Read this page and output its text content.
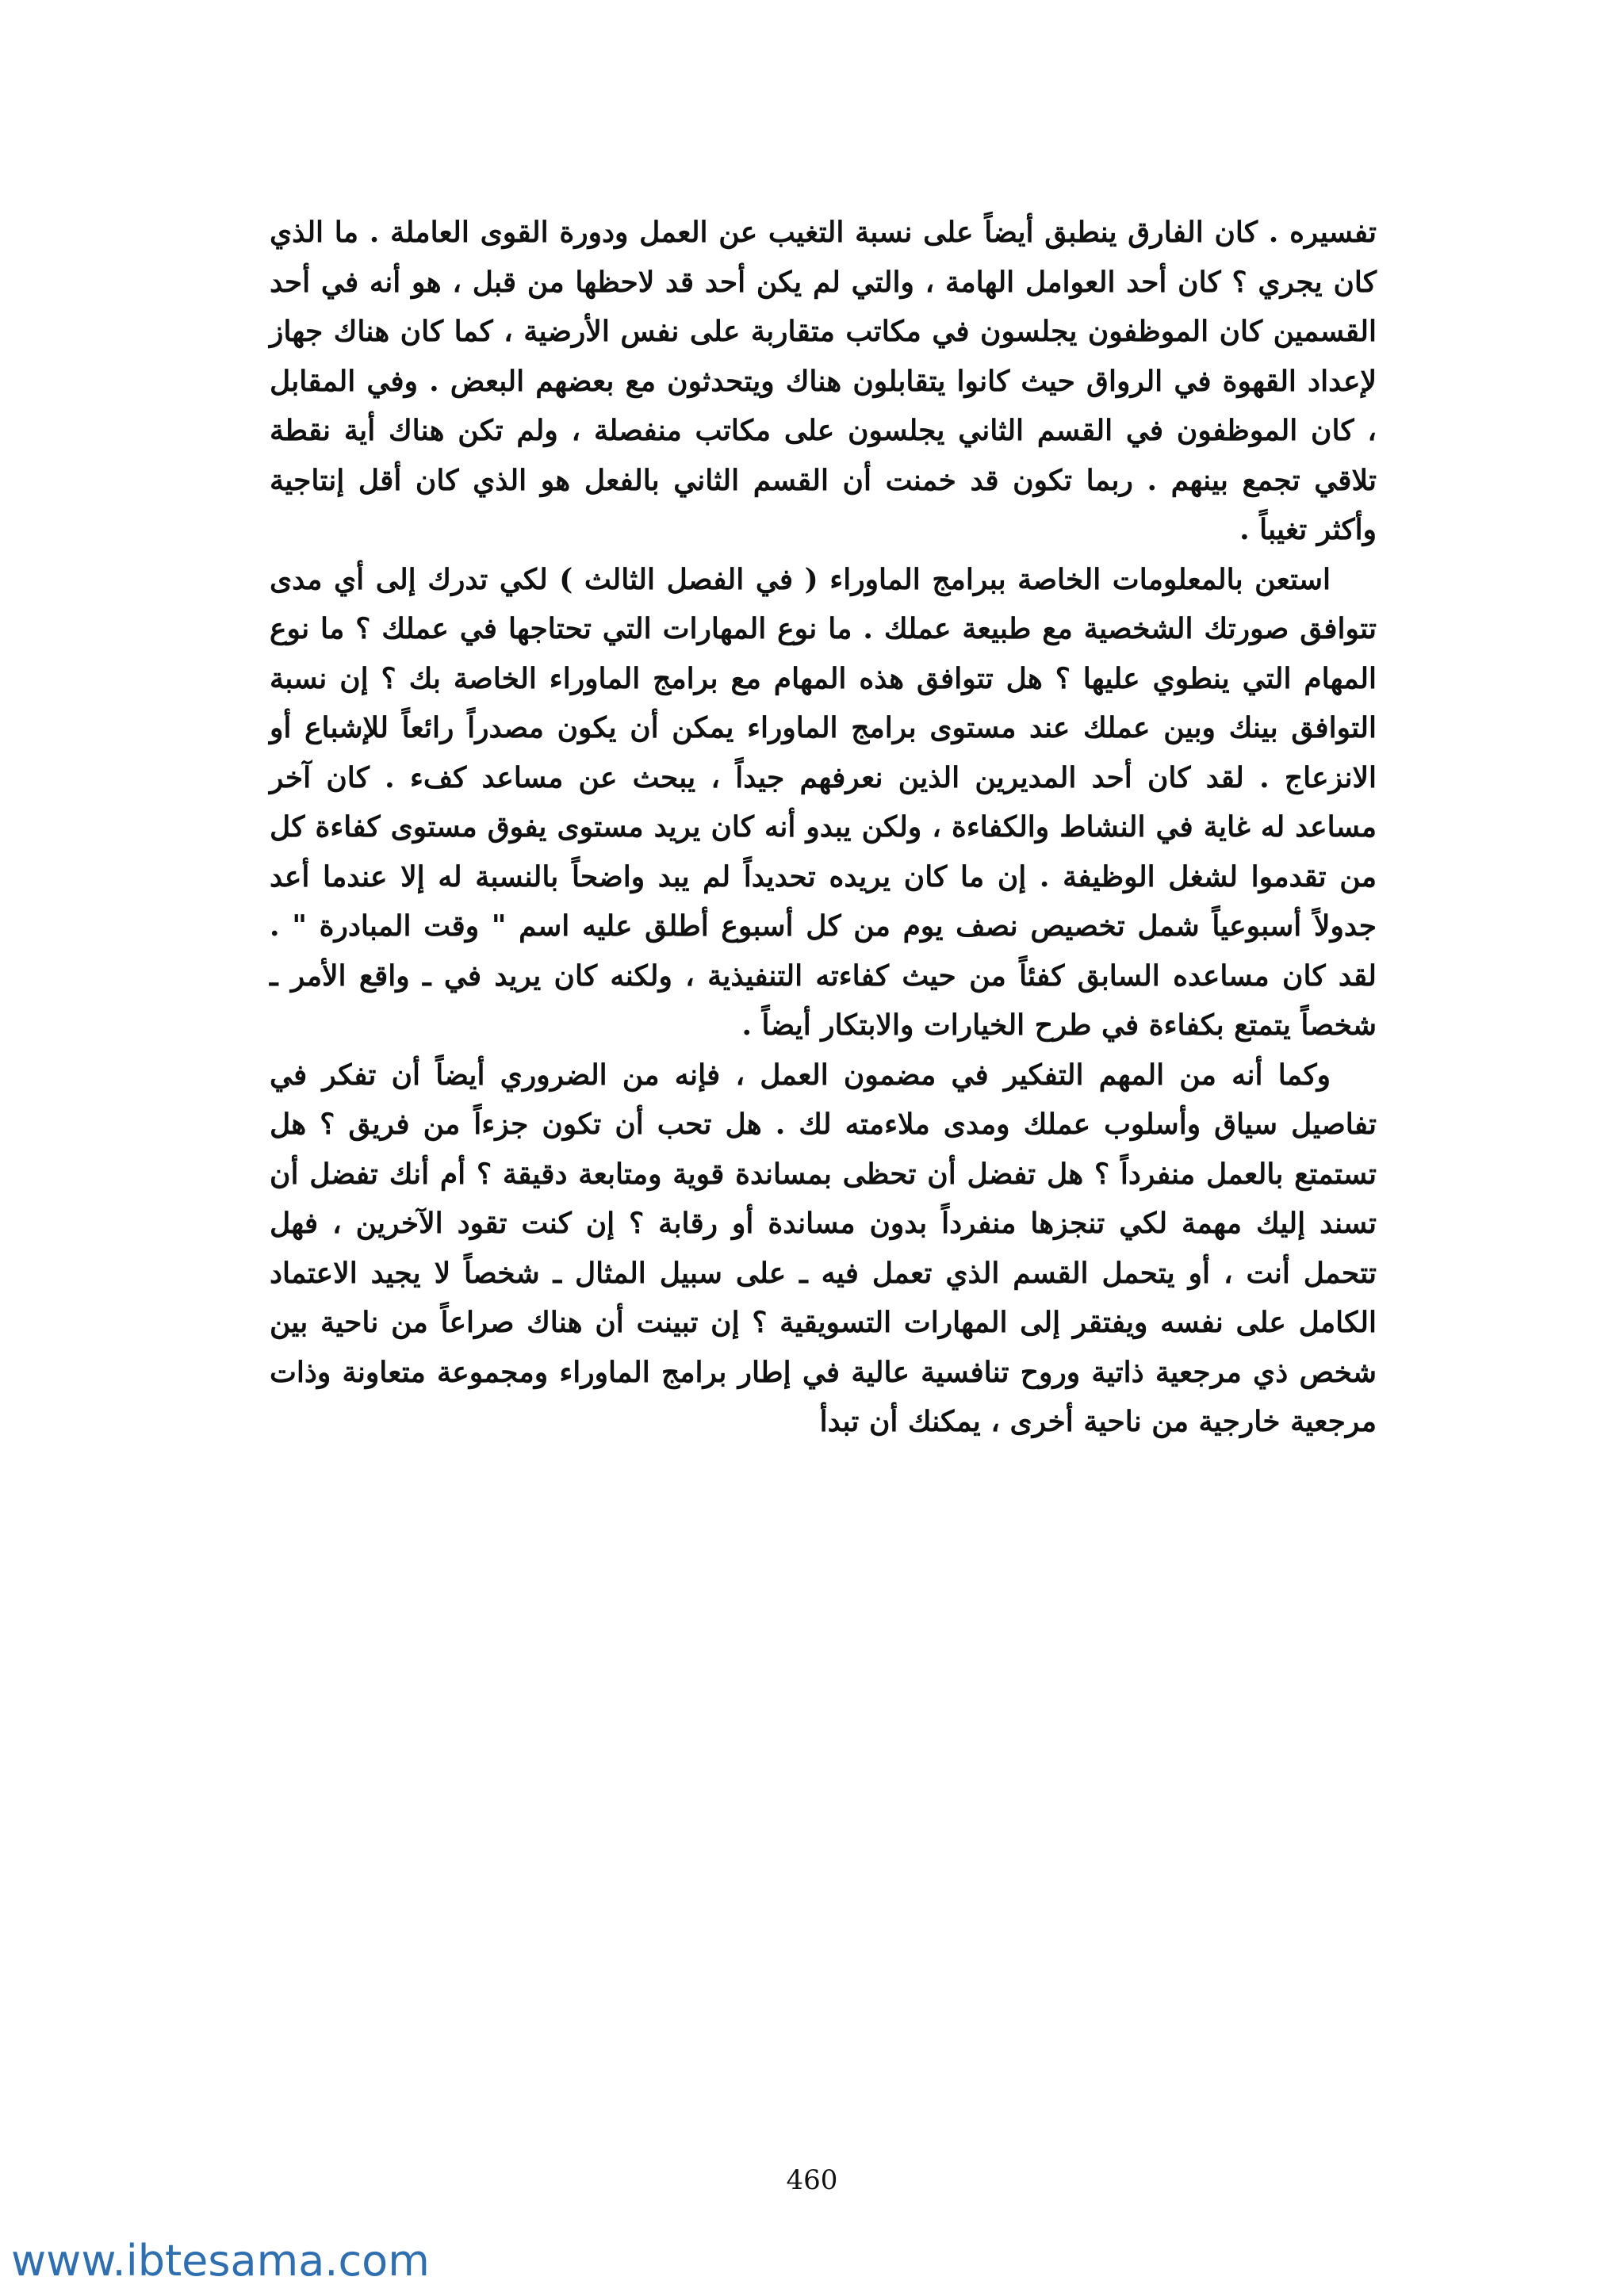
تفسيره . كان الفارق ينطبق أيضاً على نسبة التغيب عن العمل ودورة القوى العاملة . ما الذي كان يجري ؟ كان أحد العوامل الهامة ، والتي لم يكن أحد قد لاحظها من قبل ، هو أنه في أحد القسمين كان الموظفون يجلسون في مكاتب متقاربة على نفس الأرضية ، كما كان هناك جهاز لإعداد القهوة في الرواق حيث كانوا يتقابلون هناك ويتحدثون مع بعضهم البعض . وفي المقابل ، كان الموظفون في القسم الثاني يجلسون على مكاتب منفصلة ، ولم تكن هناك أية نقطة تلاقي تجمع بينهم . ربما تكون قد خمنت أن القسم الثاني بالفعل هو الذي كان أقل إنتاجية وأكثر تغيباً .

استعن بالمعلومات الخاصة ببرامج الماوراء ( في الفصل الثالث ) لكي تدرك إلى أي مدى تتوافق صورتك الشخصية مع طبيعة عملك . ما نوع المهارات التي تحتاجها في عملك ؟ ما نوع المهام التي ينطوي عليها ؟ هل تتوافق هذه المهام مع برامج الماوراء الخاصة بك ؟ إن نسبة التوافق بينك وبين عملك عند مستوى برامج الماوراء يمكن أن يكون مصدراً رائعاً للإشباع أو الانزعاج . لقد كان أحد المديرين الذين نعرفهم جيداً ، يبحث عن مساعد كفء . كان آخر مساعد له غاية في النشاط والكفاءة ، ولكن يبدو أنه كان يريد مستوى يفوق مستوى كفاءة كل من تقدموا لشغل الوظيفة . إن ما كان يريده تحديداً لم يبد واضحاً بالنسبة له إلا عندما أعد جدولاً أسبوعياً شمل تخصيص نصف يوم من كل أسبوع أطلق عليه اسم " وقت المبادرة " . لقد كان مساعده السابق كفئاً من حيث كفاءته التنفيذية ، ولكنه كان يريد في ـ واقع الأمر ـ شخصاً يتمتع بكفاءة في طرح الخيارات والابتكار أيضاً .

وكما أنه من المهم التفكير في مضمون العمل ، فإنه من الضروري أيضاً أن تفكر في تفاصيل سياق وأسلوب عملك ومدى ملاءمته لك . هل تحب أن تكون جزءاً من فريق ؟ هل تستمتع بالعمل منفرداً ؟ هل تفضل أن تحظى بمساندة قوية ومتابعة دقيقة ؟ أم أنك تفضل أن تسند إليك مهمة لكي تنجزها منفرداً بدون مساندة أو رقابة ؟ إن كنت تقود الآخرين ، فهل تتحمل أنت ، أو يتحمل القسم الذي تعمل فيه ـ على سبيل المثال ـ شخصاً لا يجيد الاعتماد الكامل على نفسه ويفتقر إلى المهارات التسويقية ؟ إن تبينت أن هناك صراعاً من ناحية بين شخص ذي مرجعية ذاتية وروح تنافسية عالية في إطار برامج الماوراء ومجموعة متعاونة وذات مرجعية خارجية من ناحية أخرى ، يمكنك أن تبدأ

460
www.ibtesama.com
